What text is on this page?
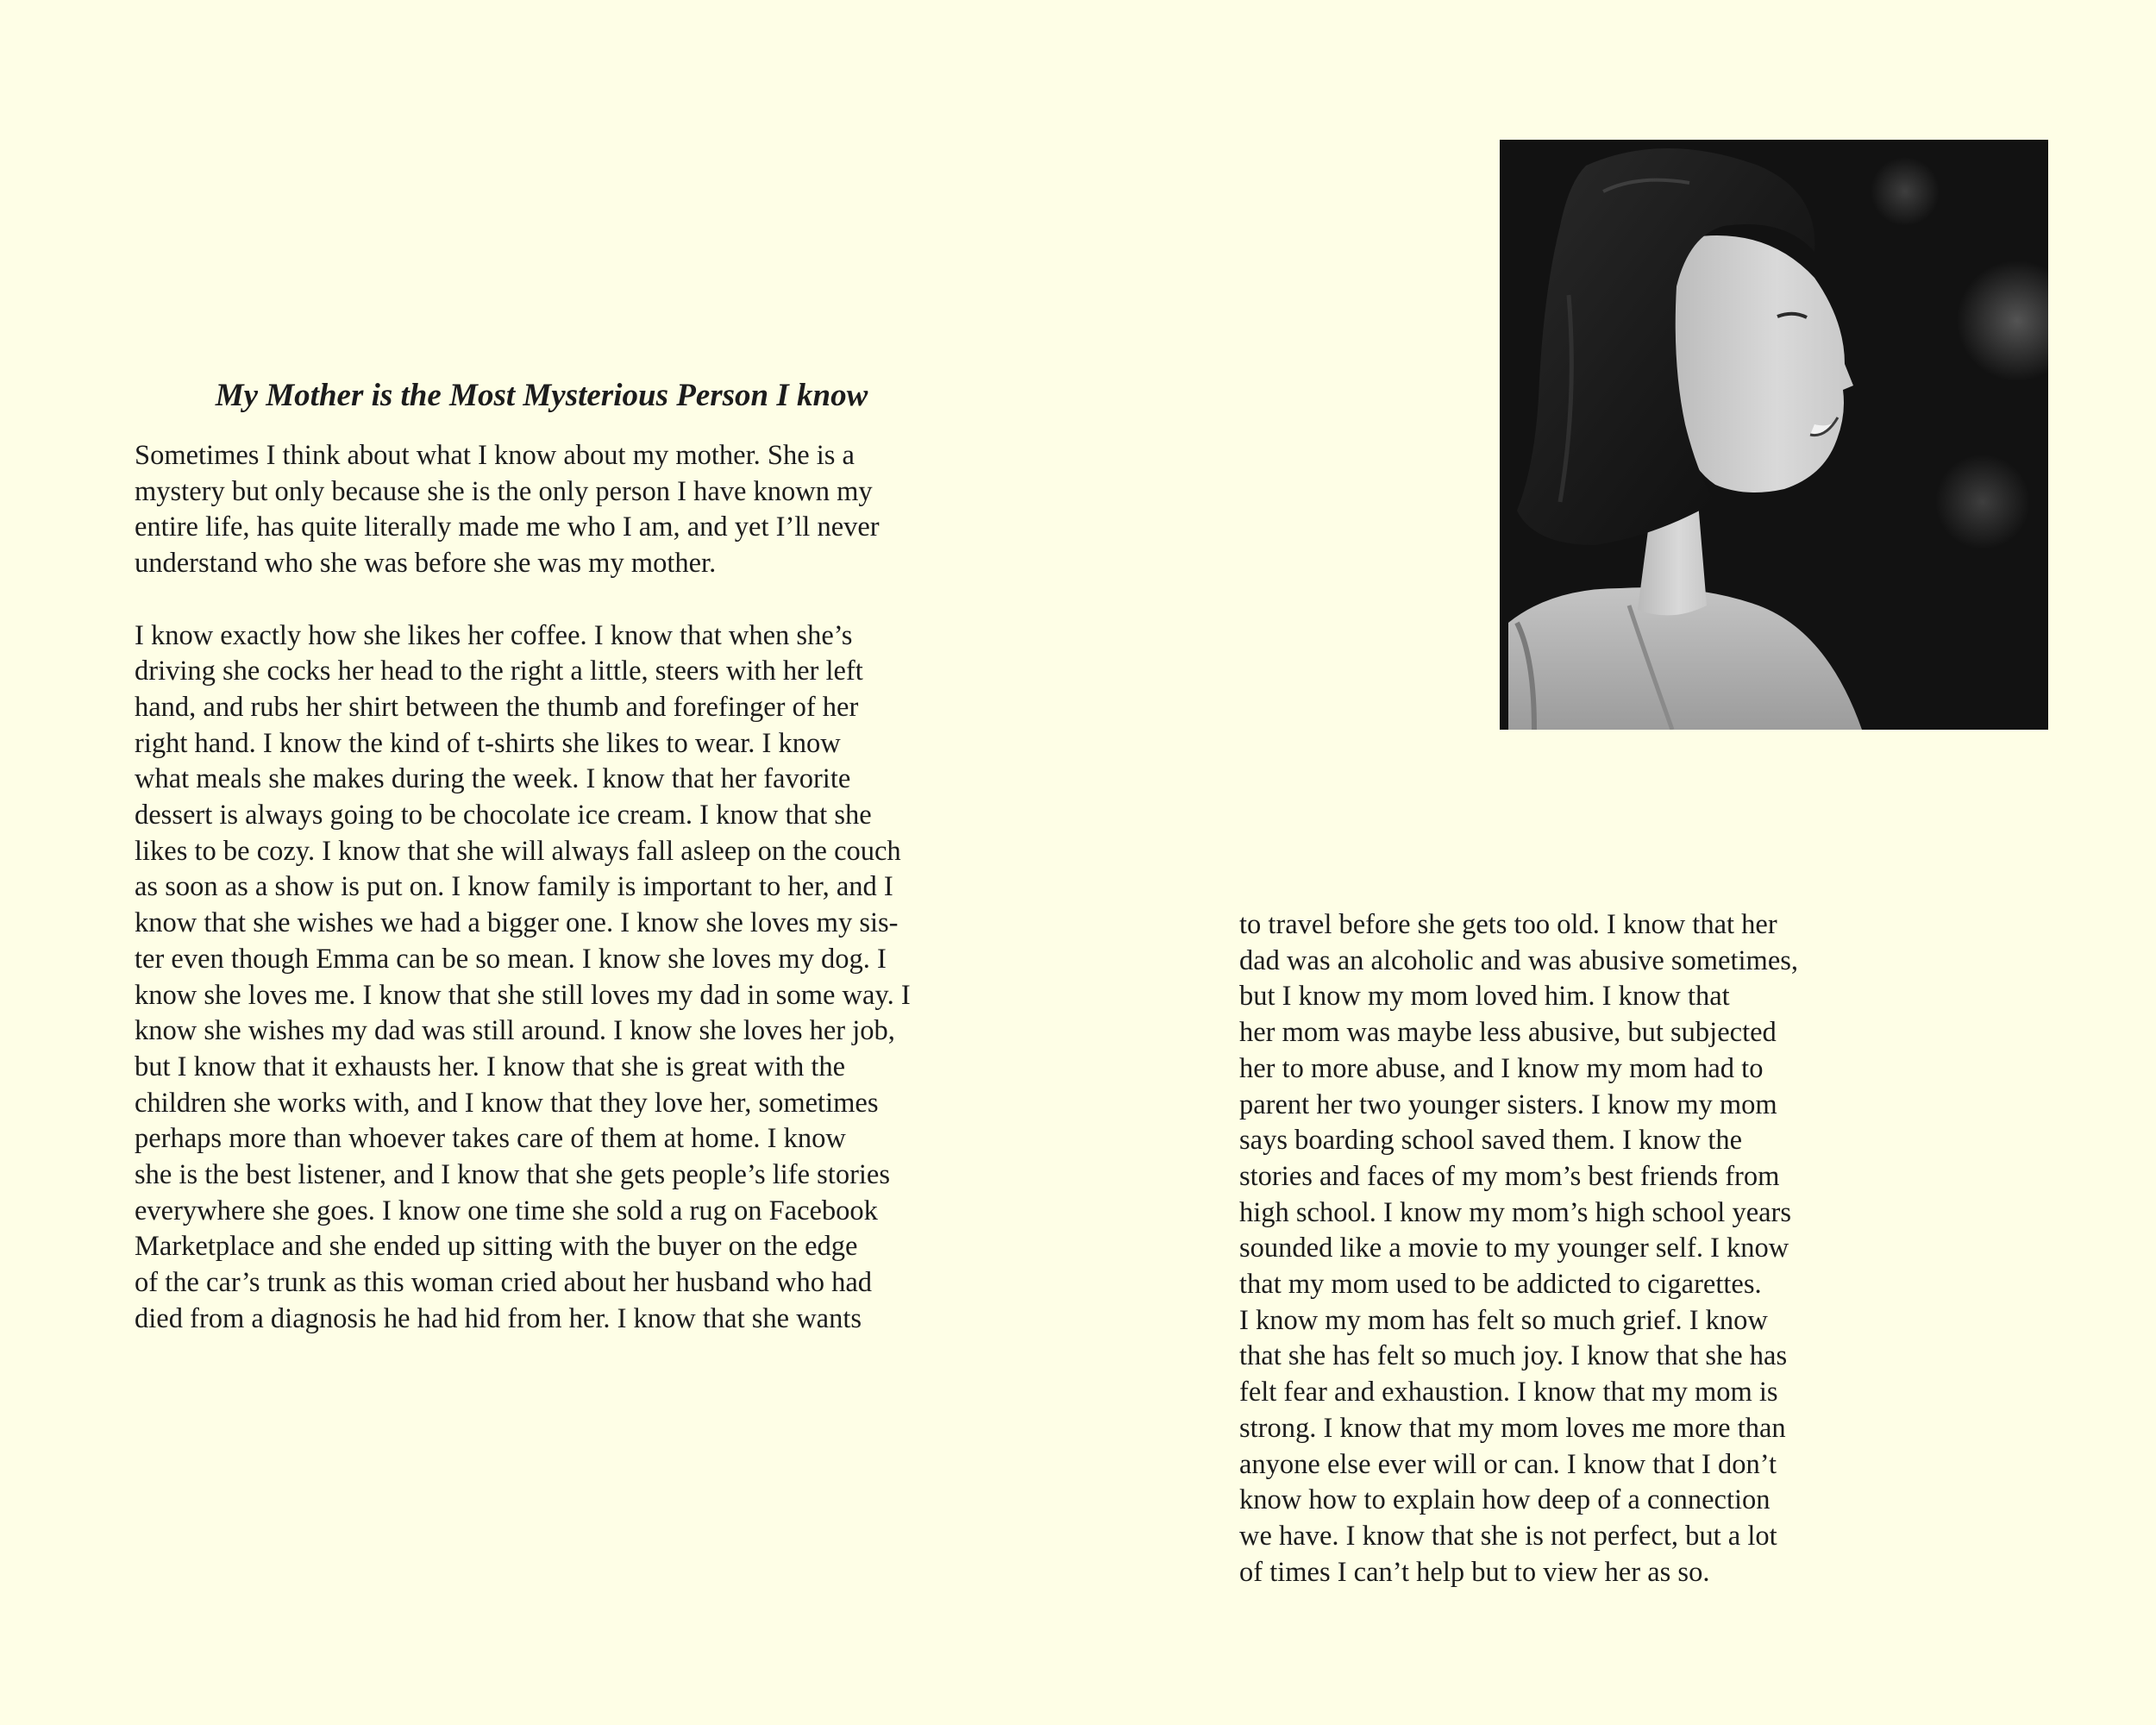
My Mother is the Most Mysterious Person I know
Sometimes I think about what I know about my mother. She is a
mystery but only because she is the only person I have known my
entire life, has quite literally made me who I am, and yet I’ll never
understand who she was before she was my mother.
I know exactly how she likes her coffee. I know that when she’s
driving she cocks her head to the right a little, steers with her left
hand, and rubs her shirt between the thumb and forefinger of her
right hand. I know the kind of t-shirts she likes to wear. I know
what meals she makes during the week. I know that her favorite
dessert is always going to be chocolate ice cream. I know that she
likes to be cozy. I know that she will always fall asleep on the couch
as soon as a show is put on. I know family is important to her, and I
know that she wishes we had a bigger one. I know she loves my sis-
ter even though Emma can be so mean. I know she loves my dog. I
know she loves me. I know that she still loves my dad in some way. I
know she wishes my dad was still around. I know she loves her job,
but I know that it exhausts her. I know that she is great with the
children she works with, and I know that they love her, sometimes
perhaps more than whoever takes care of them at home. I know
she is the best listener, and I know that she gets people’s life stories
everywhere she goes. I know one time she sold a rug on Facebook
Marketplace and she ended up sitting with the buyer on the edge
of the car’s trunk as this woman cried about her husband who had
died from a diagnosis he had hid from her. I know that she wants
to travel before she gets too old. I know that her
dad was an alcoholic and was abusive sometimes,
but I know my mom loved him. I know that
her mom was maybe less abusive, but subjected
her to more abuse, and I know my mom had to
parent her two younger sisters. I know my mom
says boarding school saved them. I know the
stories and faces of my mom’s best friends from
high school. I know my mom’s high school years
sounded like a movie to my younger self. I know
that my mom used to be addicted to cigarettes.
I know my mom has felt so much grief. I know
that she has felt so much joy. I know that she has
felt fear and exhaustion. I know that my mom is
strong. I know that my mom loves me more than
anyone else ever will or can. I know that I don’t
know how to explain how deep of a connection
we have. I know that she is not perfect, but a lot
of times I can’t help but to view her as so.
